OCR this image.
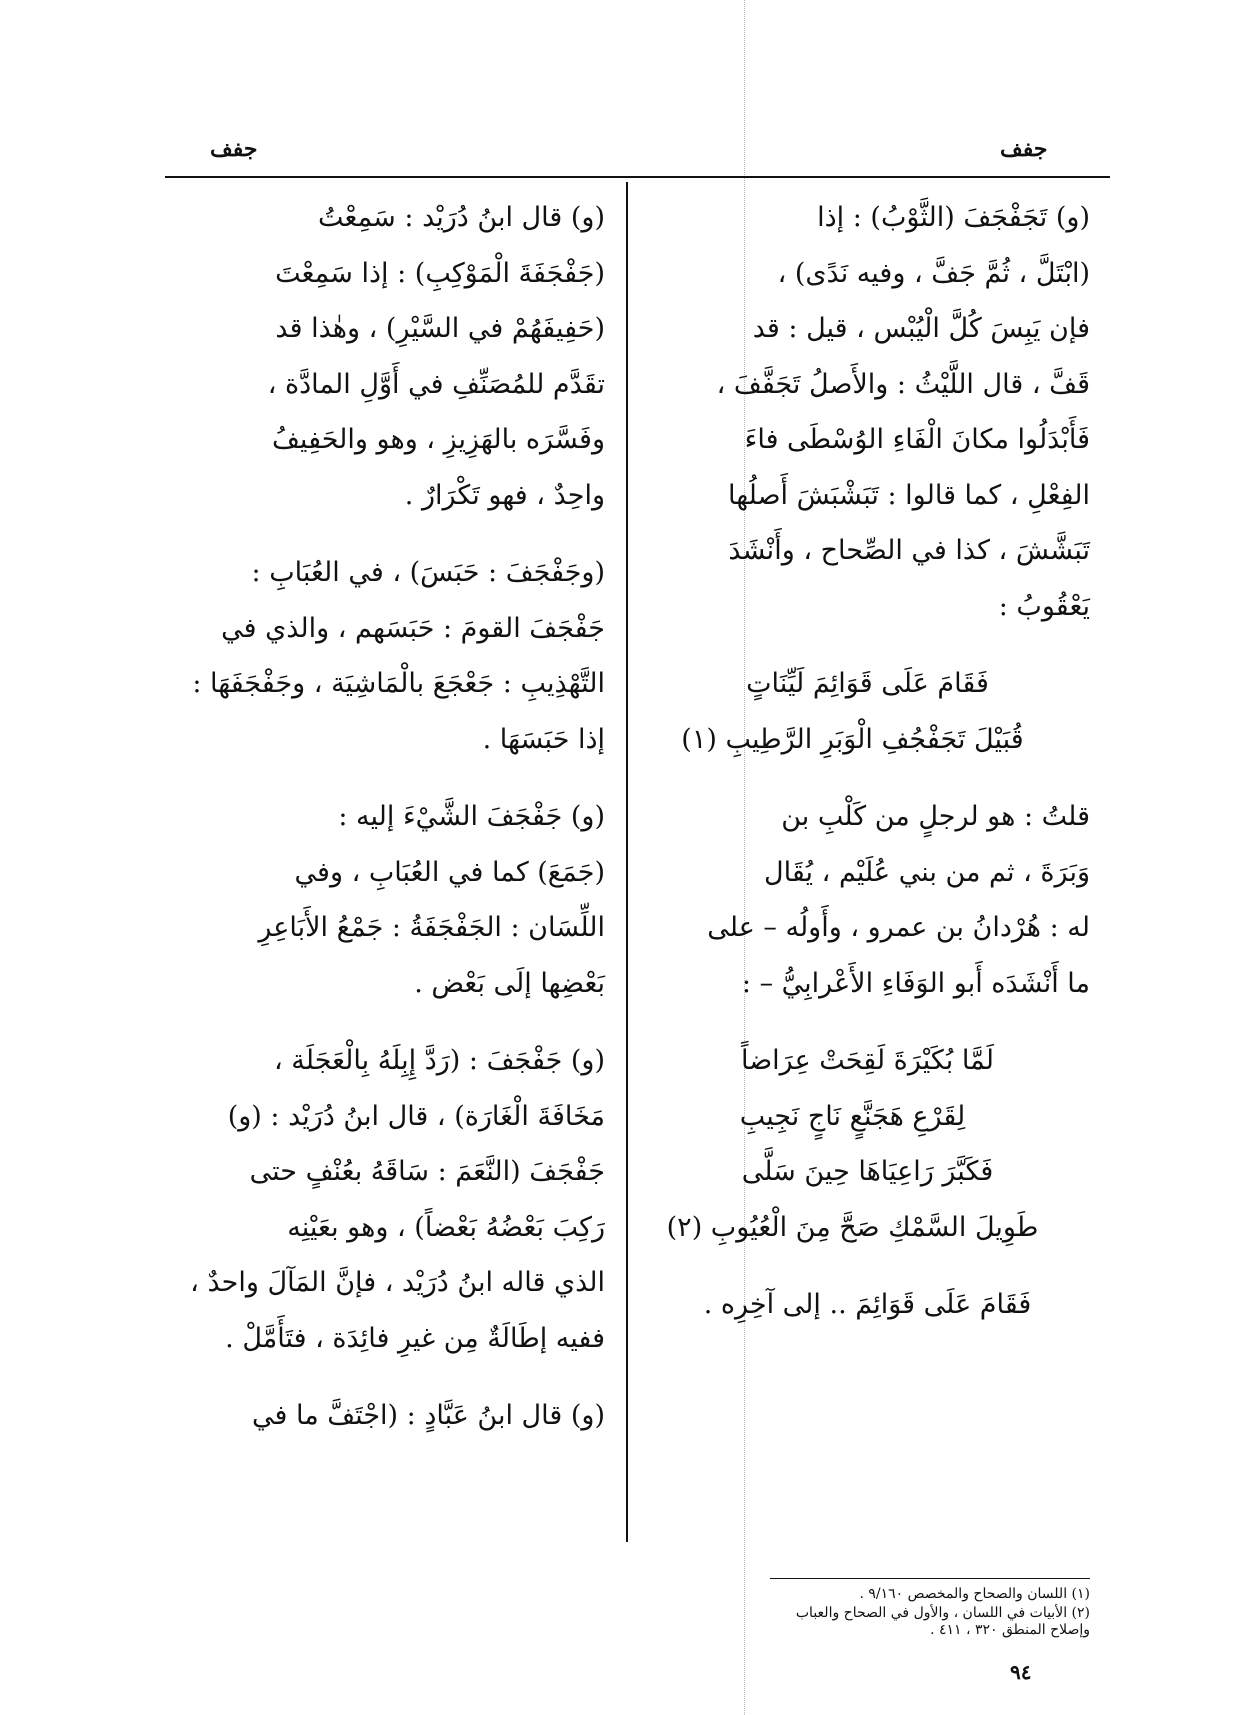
جفف
جفف

(و) تَجَفْجَفَ (الثَّوْبُ) : إذا
(ابْتَلَّ ، ثُمَّ جَفَّ ، وفيه نَدًى) ،
فإن يَبِسَ كُلَّ الْيُبْس ، قيل : قد
قَفَّ ، قال اللَّيْثُ : والأَصلُ تَجَفَّفَ ،
فَأَبْدَلُوا مكانَ الْفَاءِ الوُسْطَى فاءَ
الفِعْلِ ، كما قالوا : تَبَشْبَشَ أَصلُها
تَبَشَّشَ ، كذا في الصِّحاح ، وأَنْشَدَ
يَعْقُوبُ :

فَقَامَ عَلَى قَوَائِمَ لَيِّنَاتٍ

قُبَيْلَ تَجَفْجُفِ الْوَبَرِ الرَّطِيبِ (١)

قلتُ : هو لرجلٍ من كَلْبِ بن
وَبَرَةَ ، ثم من بني عُلَيْم ، يُقَال
له : هُرْدانُ بن عمرو ، وأَولُه – على
ما أَنْشَدَه أَبو الوَفَاءِ الأَعْرابِيُّ – :

لَمَّا بُكَيْرَةَ لَقِحَتْ عِرَاضاً

لِقَرْعِ هَجَنَّعٍ نَاجٍ نَجِيبِ

فَكَبَّرَ رَاعِيَاهَا حِينَ سَلَّى

طَوِيلَ السَّمْكِ صَحَّ مِنَ الْعُيُوبِ (٢)

فَقَامَ عَلَى قَوَائِمَ .. إلى آخِرِه .

(و) قال ابنُ دُرَيْد : سَمِعْتُ
(جَفْجَفَةَ الْمَوْكِبِ) : إذا سَمِعْتَ
(حَفِيفَهُمْ في السَّيْرِ) ، وهٰذا قد
تقَدَّم للمُصَنِّفِ في أَوَّلِ المادَّة ،
وفَسَّرَه بالهَزِيزِ ، وهو والحَفِيفُ
واحِدٌ ، فهو تَكْرَارٌ .

(وجَفْجَفَ : حَبَسَ) ، في العُبَابِ :
جَفْجَفَ القومَ : حَبَسَهم ، والذي في
التَّهْذِيبِ : جَعْجَعَ بالْمَاشِيَة ، وجَفْجَفَهَا :
إذا حَبَسَهَا .

(و) جَفْجَفَ الشَّيْءَ إليه :
(جَمَعَ) كما في العُبَابِ ، وفي
اللِّسَان : الجَفْجَفَةُ : جَمْعُ الأَبَاعِرِ
بَعْضِها إلَى بَعْض .

(و) جَفْجَفَ : (رَدَّ إِبِلَهُ بِالْعَجَلَة ،
مَخَافَةَ الْغَارَة) ، قال ابنُ دُرَيْد : (و)
جَفْجَفَ (النَّعَمَ : سَاقَهُ بعُنْفٍ حتى
رَكِبَ بَعْضُهُ بَعْضاً) ، وهو بعَيْنِه
الذي قاله ابنُ دُرَيْد ، فإنَّ المَآلَ واحدٌ ،
ففيه إطَالَةٌ مِن غيرِ فائِدَة ، فتَأَمَّلْ .

(و) قال ابنُ عَبَّادٍ : (اجْتَفَّ ما في

(١) اللسان والصحاح والمخصص ٩/١٦٠ .
(٢) الأبيات في اللسان ، والأول في الصحاح والعباب
وإصلاح المنطق ٣٢٠ ، ٤١١ .
٩٤
